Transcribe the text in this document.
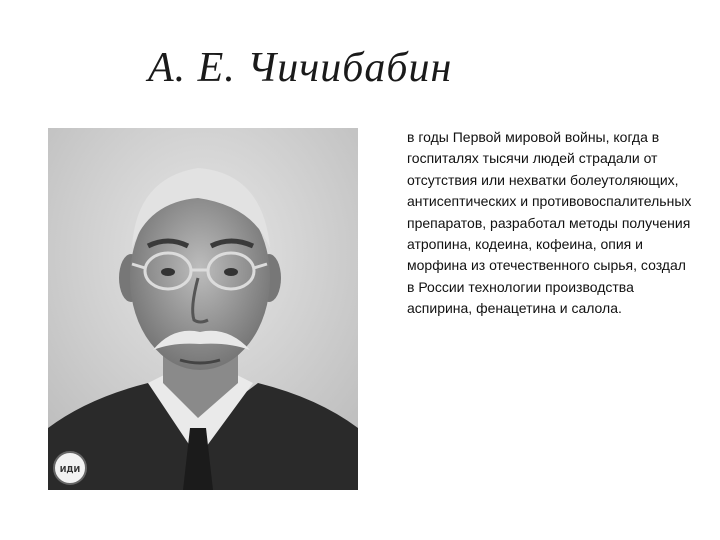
А. Е. Чичибабин
ИДИ
в годы Первой мировой войны, когда в госпиталях тысячи людей страдали от отсутствия или нехватки болеутоляющих, антисептических и противовоспалительных препаратов, разработал методы получения атропина, кодеина, кофеина, опия и морфина из отечественного сырья, создал в России технологии производства аспирина, фенацетина и салола.
